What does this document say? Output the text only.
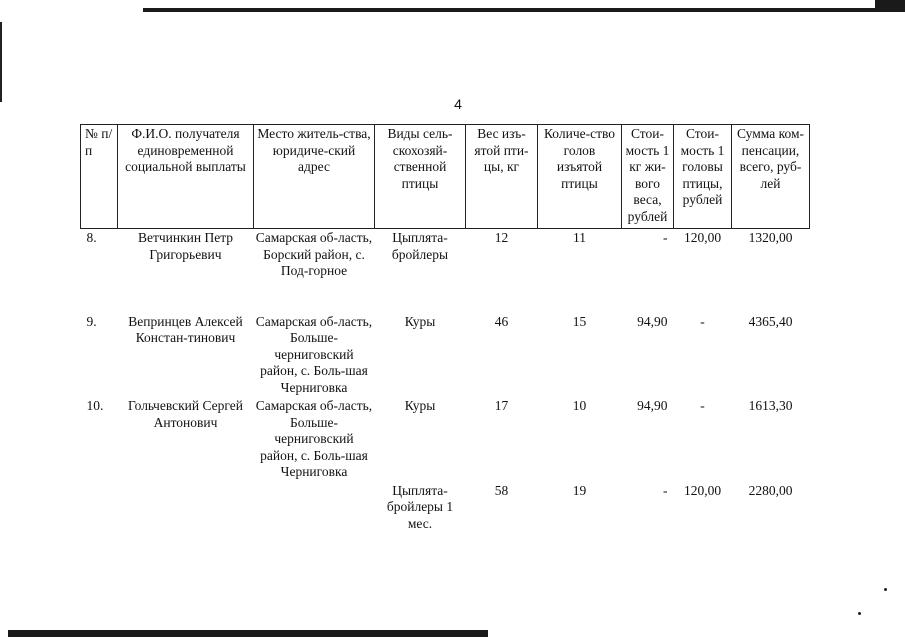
4
№ п/п	Ф.И.О. получателя единовременной социальной выплаты	Место житель-ства, юридиче-ский адрес	Виды сель-скохозяй-ственной птицы	Вес изъ-ятой пти-цы, кг	Количе-ство голов изъятой птицы	Стои-мость 1 кг жи-вого веса, рублей	Стои-мость 1 головы птицы, рублей	Сумма ком-пенсации, всего, руб-лей
8.	Ветчинкин Петр Григорьевич	Самарская об-ласть, Борский район, с. Под-горное	Цыплята-бройлеры	12	11	-	120,00	1320,00
9.	Вепринцев Алексей Констан-тинович	Самарская об-ласть, Больше-черниговский район, с. Боль-шая Черниговка	Куры	46	15	94,90	-	4365,40
10.	Гольчевский Сергей Антонович	Самарская об-ласть, Больше-черниговский район, с. Боль-шая Черниговка	Куры	17	10	94,90	-	1613,30
			Цыплята-бройлеры 1 мес.	58	19	-	120,00	2280,00
